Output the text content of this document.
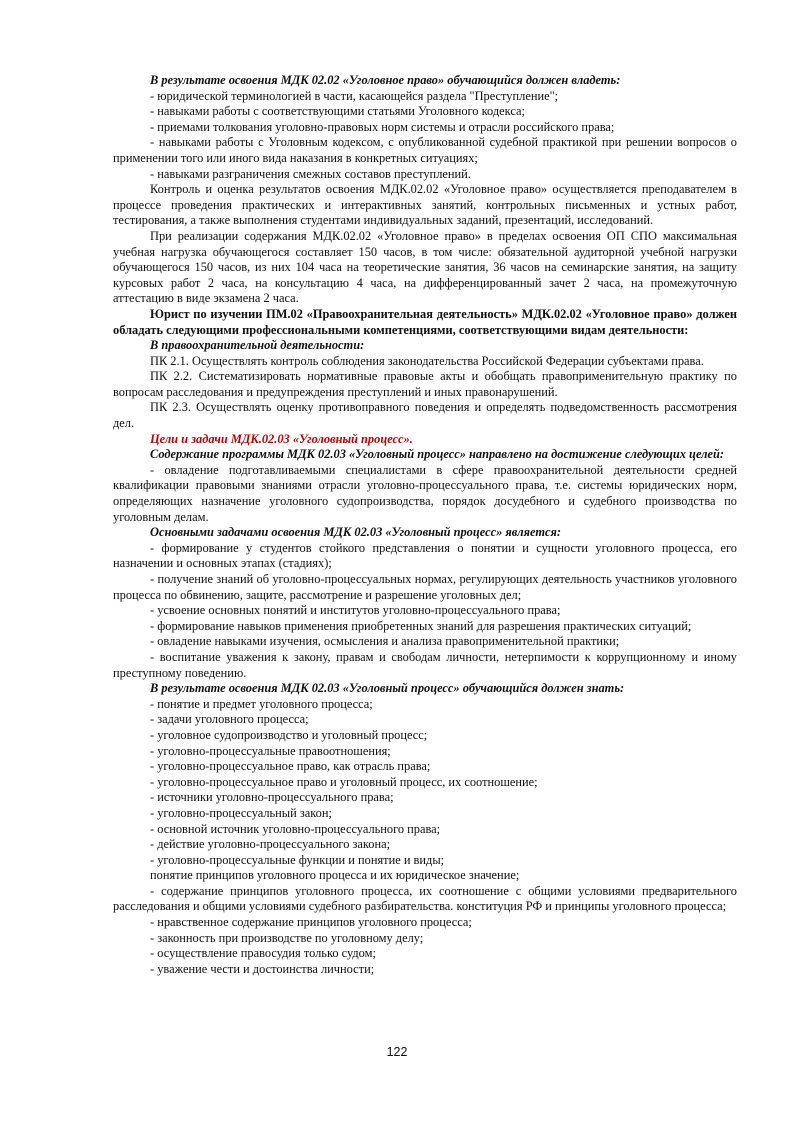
В результате освоения МДК 02.02 «Уголовное право» обучающийся должен владеть:

- юридической терминологией в части, касающейся раздела "Преступление";

- навыками работы с соответствующими статьями Уголовного кодекса;

- приемами толкования уголовно-правовых норм системы и отрасли российского права;

- навыками работы с Уголовным кодексом, с опубликованной судебной практикой при решении вопросов о применении того или иного вида наказания в конкретных ситуациях;

- навыками разграничения смежных составов преступлений.

Контроль и оценка результатов освоения МДК.02.02 «Уголовное право» осуществляется преподавателем в процессе проведения практических и интерактивных занятий, контрольных письменных и устных работ, тестирования, а также выполнения студентами индивидуальных заданий, презентаций, исследований.

При реализации содержания МДК.02.02 «Уголовное право» в пределах освоения ОП СПО максимальная учебная нагрузка обучающегося составляет 150 часов, в том числе: обязательной аудиторной учебной нагрузки обучающегося 150 часов, из них 104 часа на теоретические занятия, 36 часов на семинарские занятия, на защиту курсовых работ 2 часа, на консультацию 4 часа, на дифференцированный зачет 2 часа, на промежуточную аттестацию в виде экзамена 2 часа.

Юрист по изучении ПМ.02 «Правоохранительная деятельность» МДК.02.02 «Уголовное право» должен обладать следующими профессиональными компетенциями, соответствующими видам деятельности:

В правоохранительной деятельности:

ПК 2.1. Осуществлять контроль соблюдения законодательства Российской Федерации субъектами права.

ПК 2.2. Систематизировать нормативные правовые акты и обобщать правоприменительную практику по вопросам расследования и предупреждения преступлений и иных правонарушений.

ПК 2.3. Осуществлять оценку противоправного поведения и определять подведомственность рассмотрения дел.

Цели и задачи МДК.02.03 «Уголовный процесс».

Содержание программы МДК 02.03 «Уголовный процесс» направлено на достижение следующих целей:

- овладение подготавливаемыми специалистами в сфере правоохранительной деятельности средней квалификации правовыми знаниями отрасли уголовно-процессуального права, т.е. системы юридических норм, определяющих назначение уголовного судопроизводства, порядок досудебного и судебного производства по уголовным делам.

Основными задачами освоения МДК 02.03 «Уголовный процесс» является:

- формирование у студентов стойкого представления о понятии и сущности уголовного процесса, его назначении и основных этапах (стадиях);

- получение знаний об уголовно-процессуальных нормах, регулирующих деятельность участников уголовного процесса по обвинению, защите, рассмотрение и разрешение уголовных дел;

- усвоение основных понятий и институтов уголовно-процессуального права;

- формирование навыков применения приобретенных знаний для разрешения практических ситуаций;

- овладение навыками изучения, осмысления и анализа правоприменительной практики;

- воспитание уважения к закону, правам и свободам личности, нетерпимости к коррупционному и иному преступному поведению.

В результате освоения МДК 02.03 «Уголовный процесс» обучающийся должен знать:

- понятие и предмет уголовного процесса;

- задачи уголовного процесса;

- уголовное судопроизводство и уголовный процесс;

- уголовно-процессуальные правоотношения;

- уголовно-процессуальное право, как отрасль права;

- уголовно-процессуальное право и уголовный процесс, их соотношение;

- источники уголовно-процессуального права;

- уголовно-процессуальный закон;

- основной источник уголовно-процессуального права;

- действие уголовно-процессуального закона;

- уголовно-процессуальные функции и понятие и виды;

понятие принципов уголовного процесса и их юридическое значение;

- содержание принципов уголовного процесса, их соотношение с общими условиями предварительного расследования и общими условиями судебного разбирательства. конституция РФ и принципы уголовного процесса;

- нравственное содержание принципов уголовного процесса;

- законность при производстве по уголовному делу;

- осуществление правосудия только судом;

- уважение чести и достоинства личности;

122
